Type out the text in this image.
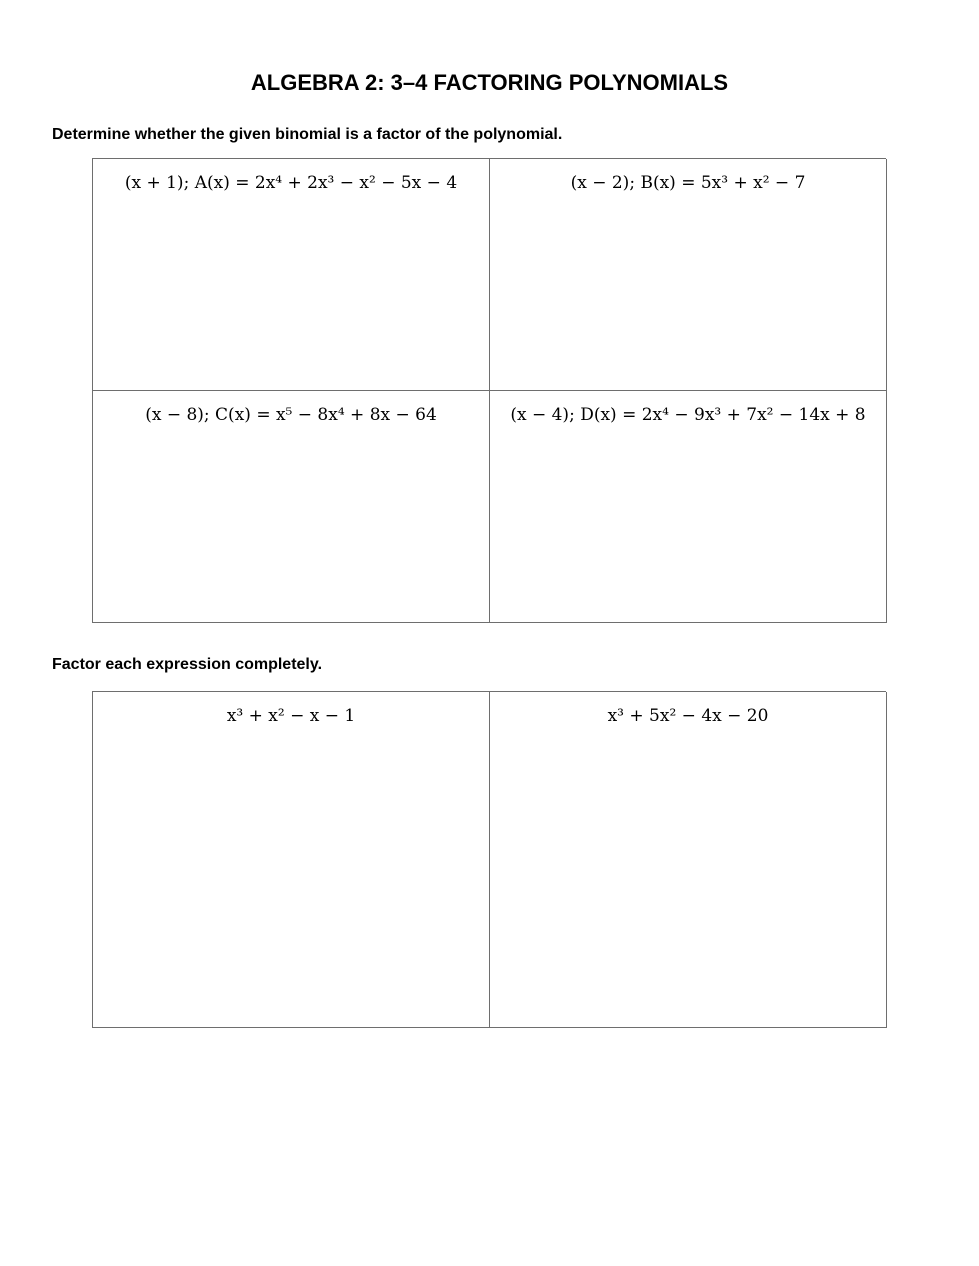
ALGEBRA 2: 3–4 FACTORING POLYNOMIALS
Determine whether the given binomial is a factor of the polynomial.
(x + 1); A(x) = 2x⁴ + 2x³ − x² − 5x − 4	(x − 2); B(x) = 5x³ + x² − 7
(x − 8); C(x) = x⁵ − 8x⁴ + 8x − 64	(x − 4); D(x) = 2x⁴ − 9x³ + 7x² − 14x + 8
Factor each expression completely.
x³ + x² − x − 1	x³ + 5x² − 4x − 20
